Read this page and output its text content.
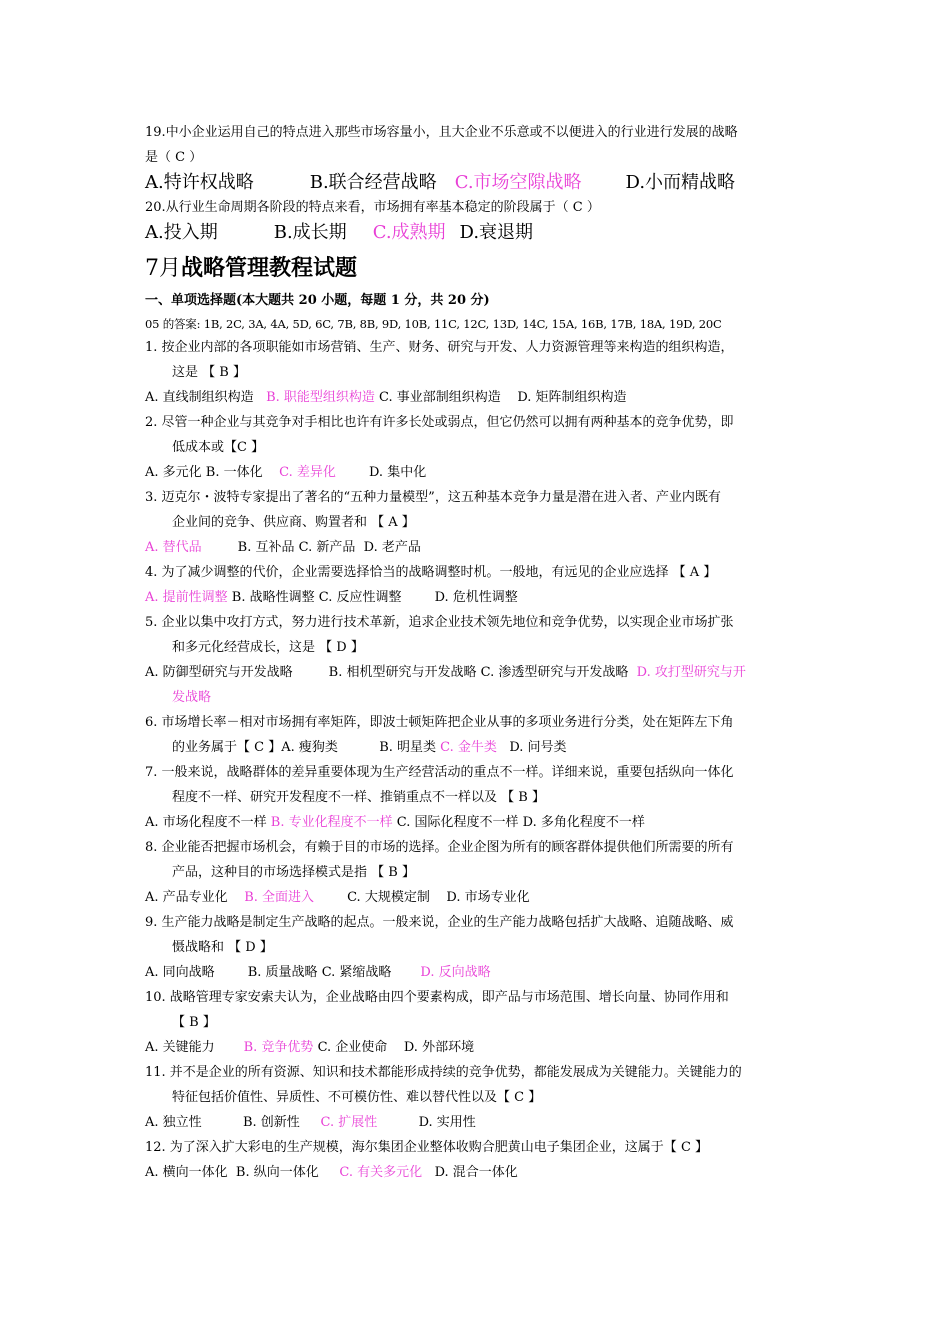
19.中小企业运用自己的特点进入那些市场容量小，且大企业不乐意或不以便进入的行业进行发展的战略
是（ C ）
A.特许权战略	B.联合经营战略 C.市场空隙战略 D.小而精战略
20.从行业生命周期各阶段的特点来看，市场拥有率基本稳定的阶段属于（ C ）
A.投入期	B.成长期 C.成熟期 D.衰退期
7月战略管理教程试题
一、单项选择题(本大题共 20 小题，每题 1 分，共 20 分)
05 的答案: 1B, 2C, 3A, 4A, 5D, 6C, 7B, 8B, 9D, 10B, 11C, 12C, 13D, 14C, 15A, 16B, 17B, 18A, 19D, 20C
1. 按企业内部的各项职能如市场营销、生产、财务、研究与开发、人力资源管理等来构造的组织构造，
这是 【 B 】
A. 直线制组织构造 B. 职能型组织构造 C. 事业部制组织构造 D. 矩阵制组织构造
2. 尽管一种企业与其竞争对手相比也许有许多长处或弱点，但它仍然可以拥有两种基本的竞争优势，即
低成本或【C 】
A. 多元化 B. 一体化 C. 差异化	D. 集中化
3. 迈克尔・波特专家提出了著名的“五种力量模型”，这五种基本竞争力量是潜在进入者、产业内既有
企业间的竞争、供应商、购置者和 【 A 】
A. 替代品	B. 互补品 C. 新产品 D. 老产品
4. 为了减少调整的代价，企业需要选择恰当的战略调整时机。一般地，有远见的企业应选择 【 A 】
A. 提前性调整 B. 战略性调整 C. 反应性调整	D. 危机性调整
5. 企业以集中攻打方式，努力进行技术革新，追求企业技术领先地位和竞争优势，以实现企业市场扩张
和多元化经营成长，这是 【 D 】
A. 防御型研究与开发战略	B. 相机型研究与开发战略 C. 渗透型研究与开发战略 D. 攻打型研究与开
发战略
6. 市场增长率－相对市场拥有率矩阵，即波士顿矩阵把企业从事的多项业务进行分类，处在矩阵左下角
的业务属于【 C 】A. 瘦狗类	B. 明星类 C. 金牛类 D. 问号类
7. 一般来说，战略群体的差异重要体现为生产经营活动的重点不一样。详细来说，重要包括纵向一体化
程度不一样、研究开发程度不一样、推销重点不一样以及 【 B 】
A. 市场化程度不一样 B. 专业化程度不一样 C. 国际化程度不一样 D. 多角化程度不一样
8. 企业能否把握市场机会，有赖于目的市场的选择。企业企图为所有的顾客群体提供他们所需要的所有
产品，这种目的市场选择模式是指 【 B 】
A. 产品专业化 B. 全面进入	C. 大规模定制 D. 市场专业化
9. 生产能力战略是制定生产战略的起点。一般来说，企业的生产能力战略包括扩大战略、追随战略、威
慑战略和 【 D 】
A. 同向战略	B. 质量战略 C. 紧缩战略 D. 反向战略
10. 战略管理专家安索夫认为，企业战略由四个要素构成，即产品与市场范围、增长向量、协同作用和
【 B 】
A. 关键能力 B. 竞争优势 C. 企业使命 D. 外部环境
11. 并不是企业的所有资源、知识和技术都能形成持续的竞争优势，都能发展成为关键能力。关键能力的
特征包括价值性、异质性、不可模仿性、难以替代性以及【 C 】
A. 独立性	B. 创新性 C. 扩展性	D. 实用性
12. 为了深入扩大彩电的生产规模，海尔集团企业整体收购合肥黄山电子集团企业，这属于【 C 】
A. 横向一体化 B. 纵向一体化 C. 有关多元化 D. 混合一体化
